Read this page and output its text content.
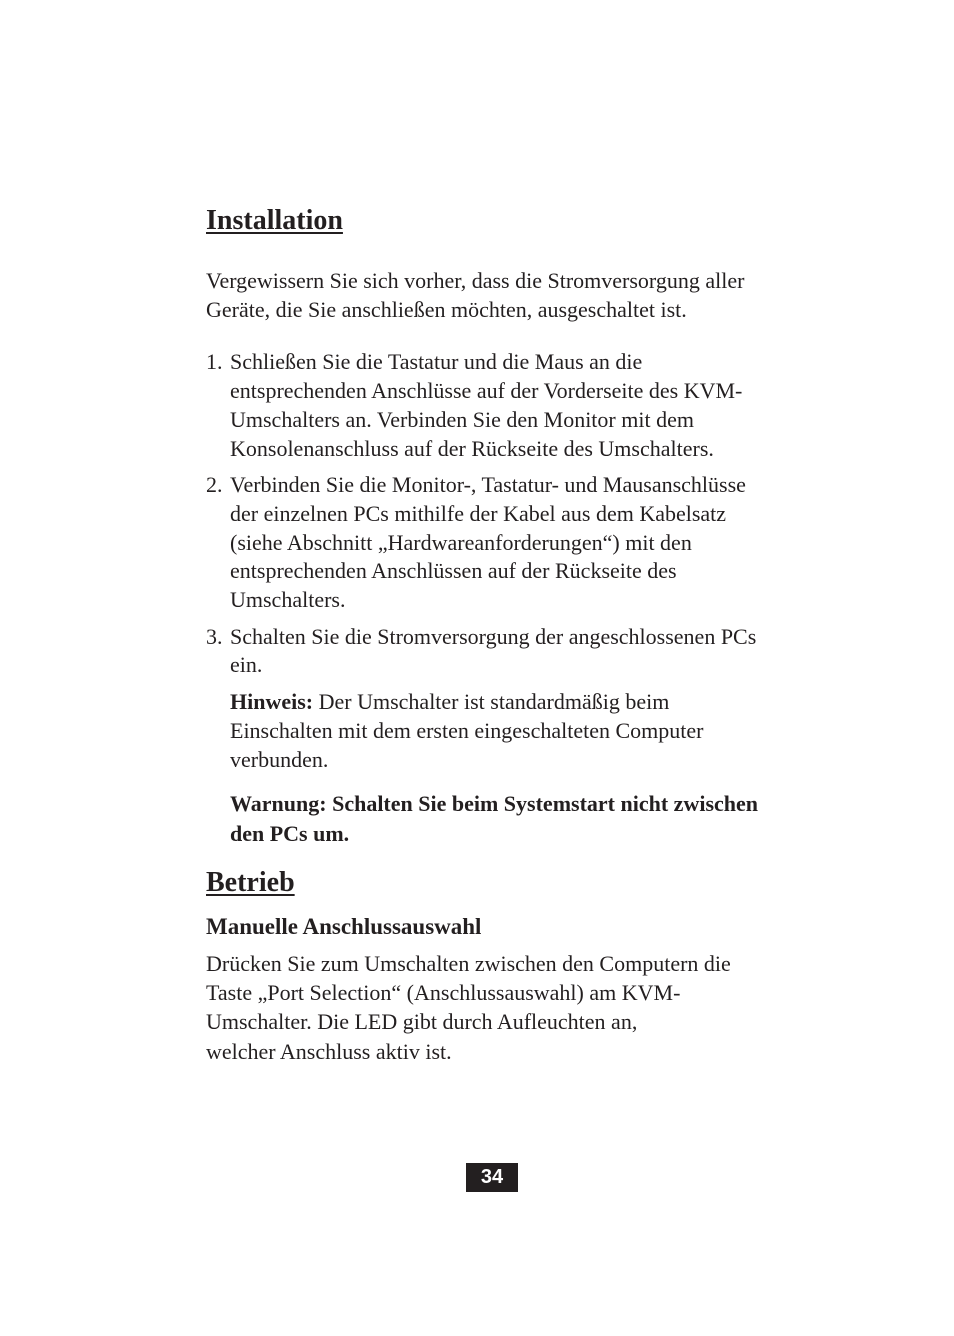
Installation

Vergewissern Sie sich vorher, dass die Stromversorgung aller Geräte, die Sie anschließen möchten, ausgeschaltet ist.

1. Schließen Sie die Tastatur und die Maus an die entsprechenden Anschlüsse auf der Vorderseite des KVM-Umschalters an. Verbinden Sie den Monitor mit dem Konsolenanschluss auf der Rückseite des Umschalters.
2. Verbinden Sie die Monitor-, Tastatur- und Mausanschlüsse der einzelnen PCs mithilfe der Kabel aus dem Kabelsatz (siehe Abschnitt „Hardwareanforderungen“) mit den entsprechenden Anschlüssen auf der Rückseite des Umschalters.
3. Schalten Sie die Stromversorgung der angeschlossenen PCs ein.

Hinweis: Der Umschalter ist standardmäßig beim Einschalten mit dem ersten eingeschalteten Computer verbunden.

Warnung: Schalten Sie beim Systemstart nicht zwischen den PCs um.

Betrieb
Manuelle Anschlussauswahl

Drücken Sie zum Umschalten zwischen den Computern die Taste „Port Selection“ (Anschlussauswahl) am KVM-Umschalter. Die LED gibt durch Aufleuchten an,
welcher Anschluss aktiv ist.

34
